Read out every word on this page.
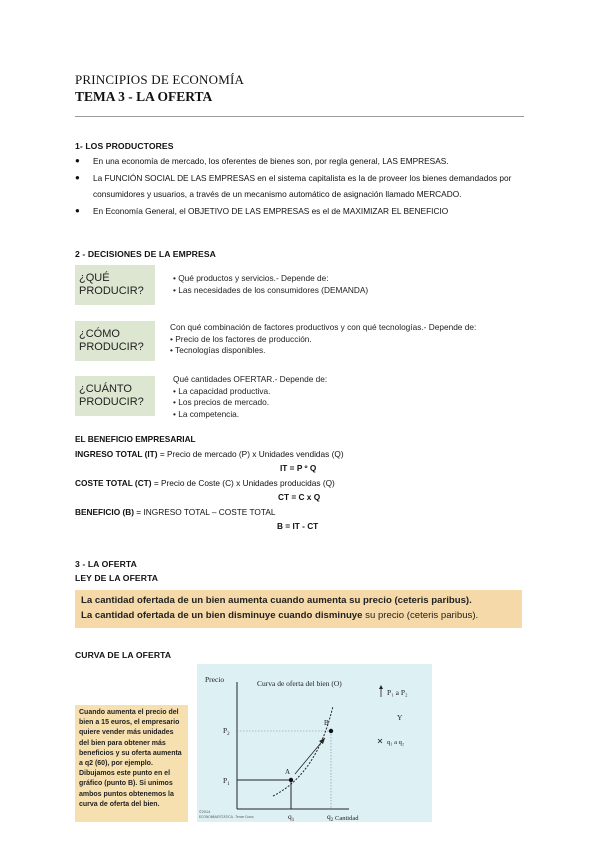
PRINCIPIOS DE ECONOMÍA
TEMA 3 - LA OFERTA
1- LOS PRODUCTORES
● En una economía de mercado, los oferentes de bienes son, por regla general, LAS EMPRESAS.
● La FUNCIÓN SOCIAL DE LAS EMPRESAS en el sistema capitalista es la de proveer los bienes demandados por consumidores y usuarios, a través de un mecanismo automático de asignación llamado MERCADO.
● En Economía General, el OBJETIVO DE LAS EMPRESAS es el de MAXIMIZAR EL BENEFICIO
2 - DECISIONES DE LA EMPRESA
¿QUÉ
PRODUCIR?
• Qué productos y servicios.- Depende de:
• Las necesidades de los consumidores (DEMANDA)
¿CÓMO
PRODUCIR?
Con qué combinación de factores productivos y con qué tecnologías.- Depende de:
• Precio de los factores de producción.
• Tecnologías disponibles.
¿CUÁNTO
PRODUCIR?
Qué cantidades OFERTAR.- Depende de:
• La capacidad productiva.
• Los precios de mercado.
• La competencia.
EL BENEFICIO EMPRESARIAL
INGRESO TOTAL (IT) = Precio de mercado (P) x Unidades vendidas (Q)
IT = P º Q
COSTE TOTAL (CT) = Precio de Coste (C) x Unidades producidas (Q)
CT = C x Q
BENEFICIO (B) = INGRESO TOTAL – COSTE TOTAL
B = IT - CT
3 - LA OFERTA
LEY DE LA OFERTA
La cantidad ofertada de un bien aumenta cuando aumenta su precio (ceteris paribus).
La cantidad ofertada de un bien disminuye cuando disminuye su precio (ceteris paribus).
CURVA DE LA OFERTA
Cuando aumenta el precio del bien a 15 euros, el empresario quiere vender más unidades del bien para obtener más beneficios y su oferta aumenta a q2 (60), por ejemplo. Dibujamos este punto en el gráfico (punto B). Si unimos ambos puntos obtenemos la curva de oferta del bien.
Precio
Cantidad
Curva de oferta del bien (O)
$P_2$
$P_1$
$q_1$	$q_2$
A
B
P₁ a P₂
Y
q₁ a q₂
©2014
ECONOMÍA/ESTÁTICA - Tercer Curso
